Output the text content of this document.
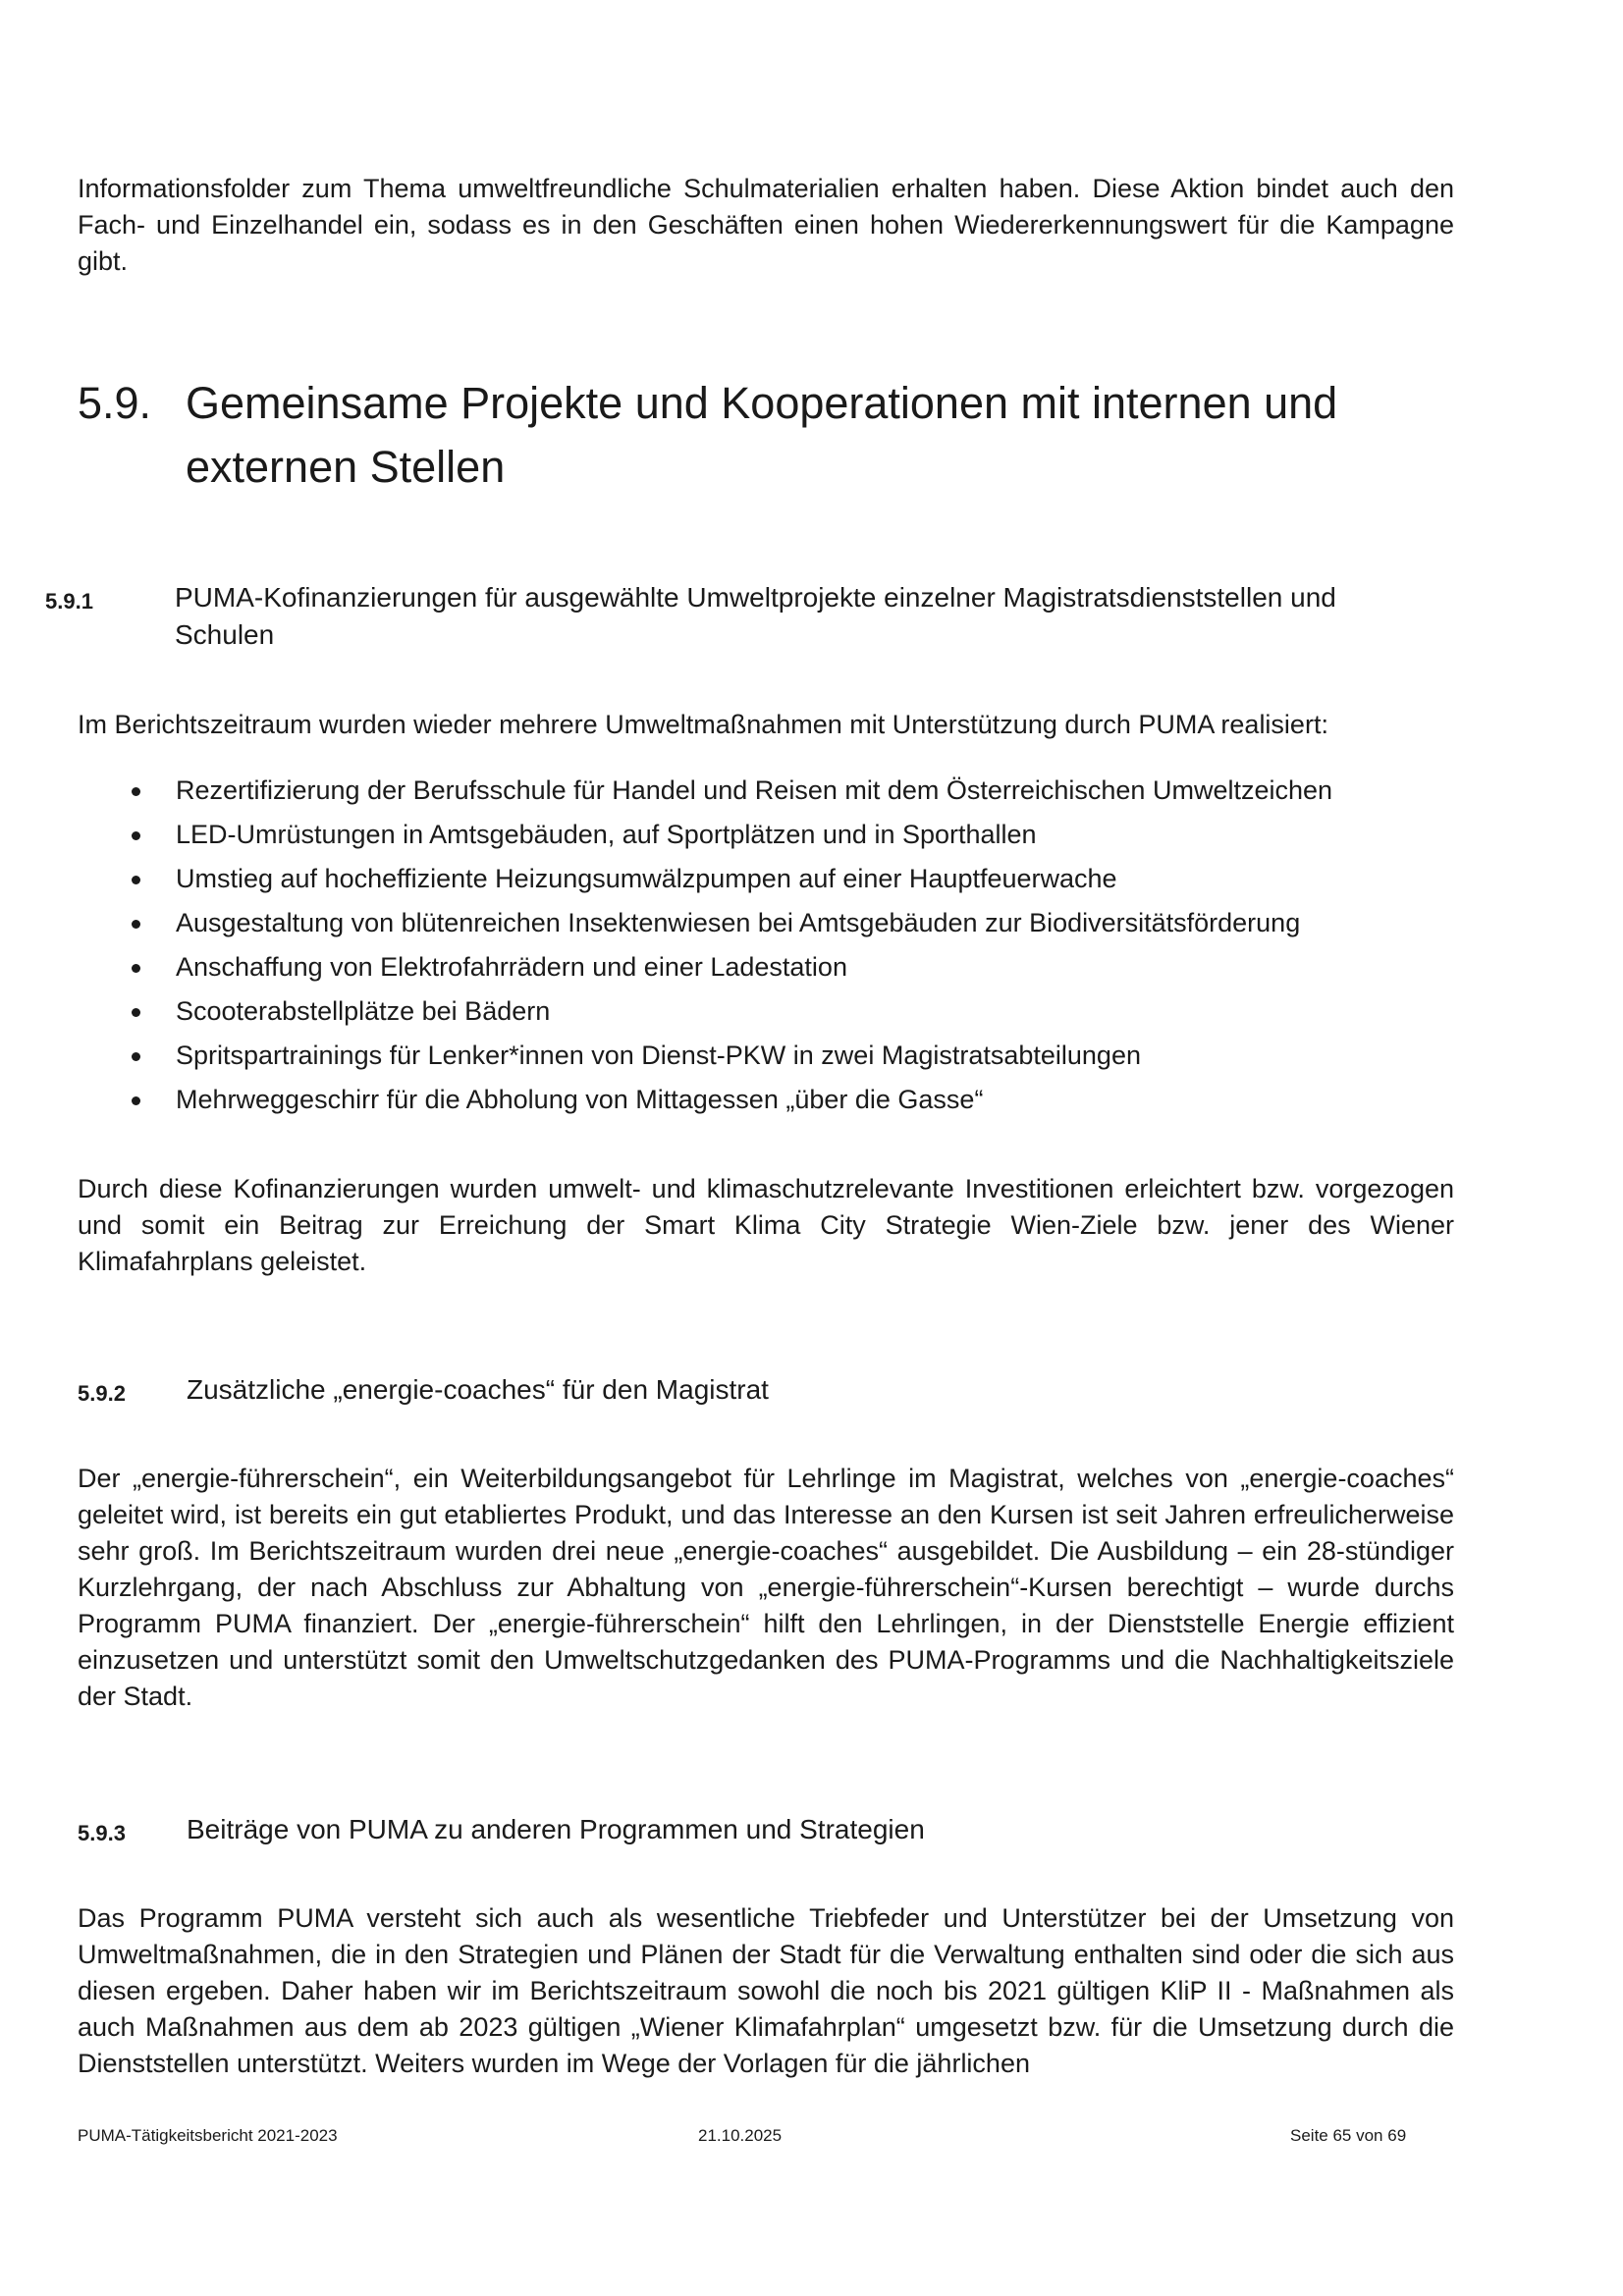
Informationsfolder zum Thema umweltfreundliche Schulmaterialien erhalten haben. Diese Aktion bindet auch den Fach- und Einzelhandel ein, sodass es in den Geschäften einen hohen Wiedererkennungswert für die Kampagne gibt.

5.9. Gemeinsame Projekte und Kooperationen mit internen und externen Stellen
5.9.1	PUMA-Kofinanzierungen für ausgewählte Umweltprojekte einzelner Magistratsdienststellen und Schulen

Im Berichtszeitraum wurden wieder mehrere Umweltmaßnahmen mit Unterstützung durch PUMA realisiert:

Rezertifizierung der Berufsschule für Handel und Reisen mit dem Österreichischen Umweltzeichen
LED-Umrüstungen in Amtsgebäuden, auf Sportplätzen und in Sporthallen
Umstieg auf hocheffiziente Heizungsumwälzpumpen auf einer Hauptfeuerwache
Ausgestaltung von blütenreichen Insektenwiesen bei Amtsgebäuden zur Biodiversitätsförderung
Anschaffung von Elektrofahrrädern und einer Ladestation
Scooterabstellplätze bei Bädern
Spritspartrainings für Lenker*innen von Dienst-PKW in zwei Magistratsabteilungen
Mehrweggeschirr für die Abholung von Mittagessen „über die Gasse“

Durch diese Kofinanzierungen wurden umwelt- und klimaschutzrelevante Investitionen erleichtert bzw. vorgezogen und somit ein Beitrag zur Erreichung der Smart Klima City Strategie Wien-Ziele bzw. jener des Wiener Klimafahrplans geleistet.

5.9.2 Zusätzliche „energie-coaches“ für den Magistrat

Der „energie-führerschein“, ein Weiterbildungsangebot für Lehrlinge im Magistrat, welches von „energie-coaches“ geleitet wird, ist bereits ein gut etabliertes Produkt, und das Interesse an den Kursen ist seit Jahren erfreulicherweise sehr groß. Im Berichtszeitraum wurden drei neue „energie-coaches“ ausgebildet. Die Ausbildung – ein 28-stündiger Kurzlehrgang, der nach Abschluss zur Abhaltung von „energie-führerschein“-Kursen berechtigt – wurde durchs Programm PUMA finanziert. Der „energie-führerschein“ hilft den Lehrlingen, in der Dienststelle Energie effizient einzusetzen und unterstützt somit den Umweltschutzgedanken des PUMA-Programms und die Nachhaltigkeitsziele der Stadt.

5.9.3 Beiträge von PUMA zu anderen Programmen und Strategien

Das Programm PUMA versteht sich auch als wesentliche Triebfeder und Unterstützer bei der Umsetzung von Umweltmaßnahmen, die in den Strategien und Plänen der Stadt für die Verwaltung enthalten sind oder die sich aus diesen ergeben. Daher haben wir im Berichtszeitraum sowohl die noch bis 2021 gültigen KliP II - Maßnahmen als auch Maßnahmen aus dem ab 2023 gültigen „Wiener Klimafahrplan“ umgesetzt bzw. für die Umsetzung durch die Dienststellen unterstützt. Weiters wurden im Wege der Vorlagen für die jährlichen

PUMA-Tätigkeitsbericht 2021-2023	21.10.2025	Seite 65 von 69
